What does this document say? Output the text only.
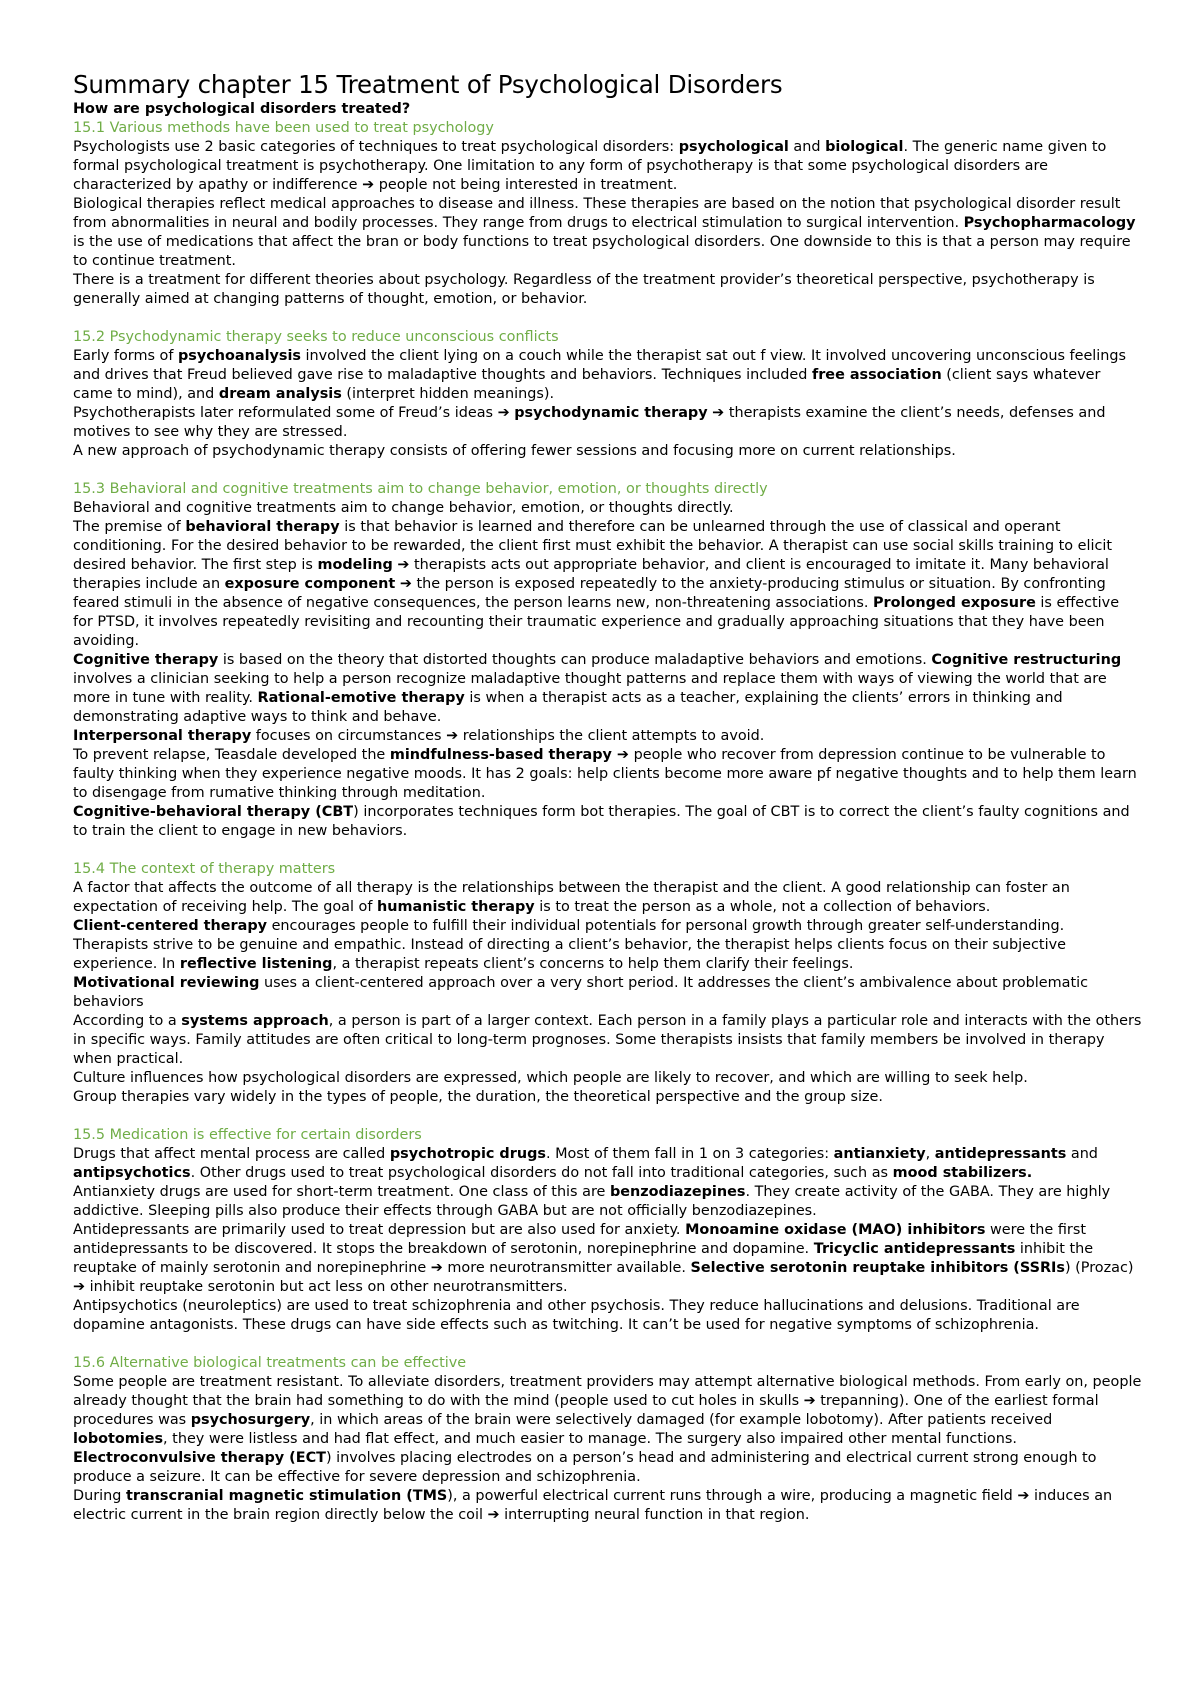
Summary chapter 15 Treatment of Psychological Disorders

How are psychological disorders treated?

15.1 Various methods have been used to treat psychology

Psychologists use 2 basic categories of techniques to treat psychological disorders: psychological and biological. The generic name given to formal psychological treatment is psychotherapy. One limitation to any form of psychotherapy is that some psychological disorders are characterized by apathy or indifference ➔ people not being interested in treatment.

Biological therapies reflect medical approaches to disease and illness. These therapies are based on the notion that psychological disorder result from abnormalities in neural and bodily processes. They range from drugs to electrical stimulation to surgical intervention. Psychopharmacology is the use of medications that affect the bran or body functions to treat psychological disorders. One downside to this is that a person may require to continue treatment.

There is a treatment for different theories about psychology. Regardless of the treatment provider’s theoretical perspective, psychotherapy is generally aimed at changing patterns of thought, emotion, or behavior.

15.2 Psychodynamic therapy seeks to reduce unconscious conflicts

Early forms of psychoanalysis involved the client lying on a couch while the therapist sat out f view. It involved uncovering unconscious feelings and drives that Freud believed gave rise to maladaptive thoughts and behaviors. Techniques included free association (client says whatever came to mind), and dream analysis (interpret hidden meanings).

Psychotherapists later reformulated some of Freud’s ideas ➔ psychodynamic therapy ➔ therapists examine the client’s needs, defenses and motives to see why they are stressed.

A new approach of psychodynamic therapy consists of offering fewer sessions and focusing more on current relationships.

15.3 Behavioral and cognitive treatments aim to change behavior, emotion, or thoughts directly

Behavioral and cognitive treatments aim to change behavior, emotion, or thoughts directly.

The premise of behavioral therapy is that behavior is learned and therefore can be unlearned through the use of classical and operant conditioning. For the desired behavior to be rewarded, the client first must exhibit the behavior. A therapist can use social skills training to elicit desired behavior. The first step is modeling ➔ therapists acts out appropriate behavior, and client is encouraged to imitate it. Many behavioral therapies include an exposure component ➔ the person is exposed repeatedly to the anxiety-producing stimulus or situation. By confronting feared stimuli in the absence of negative consequences, the person learns new, non-threatening associations. Prolonged exposure is effective for PTSD, it involves repeatedly revisiting and recounting their traumatic experience and gradually approaching situations that they have been avoiding.

Cognitive therapy is based on the theory that distorted thoughts can produce maladaptive behaviors and emotions. Cognitive restructuring involves a clinician seeking to help a person recognize maladaptive thought patterns and replace them with ways of viewing the world that are more in tune with reality. Rational-emotive therapy is when a therapist acts as a teacher, explaining the clients’ errors in thinking and demonstrating adaptive ways to think and behave.

Interpersonal therapy focuses on circumstances ➔ relationships the client attempts to avoid.

To prevent relapse, Teasdale developed the mindfulness-based therapy ➔ people who recover from depression continue to be vulnerable to faulty thinking when they experience negative moods. It has 2 goals: help clients become more aware pf negative thoughts and to help them learn to disengage from rumative thinking through meditation.

Cognitive-behavioral therapy (CBT) incorporates techniques form bot therapies. The goal of CBT is to correct the client’s faulty cognitions and to train the client to engage in new behaviors.

15.4 The context of therapy matters

A factor that affects the outcome of all therapy is the relationships between the therapist and the client. A good relationship can foster an expectation of receiving help. The goal of humanistic therapy is to treat the person as a whole, not a collection of behaviors.

Client-centered therapy encourages people to fulfill their individual potentials for personal growth through greater self-understanding. Therapists strive to be genuine and empathic. Instead of directing a client’s behavior, the therapist helps clients focus on their subjective experience. In reflective listening, a therapist repeats client’s concerns to help them clarify their feelings.

Motivational reviewing uses a client-centered approach over a very short period. It addresses the client’s ambivalence about problematic behaviors

According to a systems approach, a person is part of a larger context. Each person in a family plays a particular role and interacts with the others in specific ways. Family attitudes are often critical to long-term prognoses. Some therapists insists that family members be involved in therapy when practical.

Culture influences how psychological disorders are expressed, which people are likely to recover, and which are willing to seek help.

Group therapies vary widely in the types of people, the duration, the theoretical perspective and the group size.

15.5 Medication is effective for certain disorders

Drugs that affect mental process are called psychotropic drugs. Most of them fall in 1 on 3 categories: antianxiety, antidepressants and antipsychotics. Other drugs used to treat psychological disorders do not fall into traditional categories, such as mood stabilizers.

Antianxiety drugs are used for short-term treatment. One class of this are benzodiazepines. They create activity of the GABA. They are highly addictive. Sleeping pills also produce their effects through GABA but are not officially benzodiazepines.

Antidepressants are primarily used to treat depression but are also used for anxiety. Monoamine oxidase (MAO) inhibitors were the first antidepressants to be discovered. It stops the breakdown of serotonin, norepinephrine and dopamine. Tricyclic antidepressants inhibit the reuptake of mainly serotonin and norepinephrine ➔ more neurotransmitter available. Selective serotonin reuptake inhibitors (SSRIs) (Prozac) ➔ inhibit reuptake serotonin but act less on other neurotransmitters.

Antipsychotics (neuroleptics) are used to treat schizophrenia and other psychosis. They reduce hallucinations and delusions. Traditional are dopamine antagonists. These drugs can have side effects such as twitching. It can’t be used for negative symptoms of schizophrenia.

15.6 Alternative biological treatments can be effective

Some people are treatment resistant. To alleviate disorders, treatment providers may attempt alternative biological methods. From early on, people already thought that the brain had something to do with the mind (people used to cut holes in skulls ➔ trepanning). One of the earliest formal procedures was psychosurgery, in which areas of the brain were selectively damaged (for example lobotomy). After patients received lobotomies, they were listless and had flat effect, and much easier to manage. The surgery also impaired other mental functions.

Electroconvulsive therapy (ECT) involves placing electrodes on a person’s head and administering and electrical current strong enough to produce a seizure. It can be effective for severe depression and schizophrenia.

During transcranial magnetic stimulation (TMS), a powerful electrical current runs through a wire, producing a magnetic field ➔ induces an electric current in the brain region directly below the coil ➔ interrupting neural function in that region.
